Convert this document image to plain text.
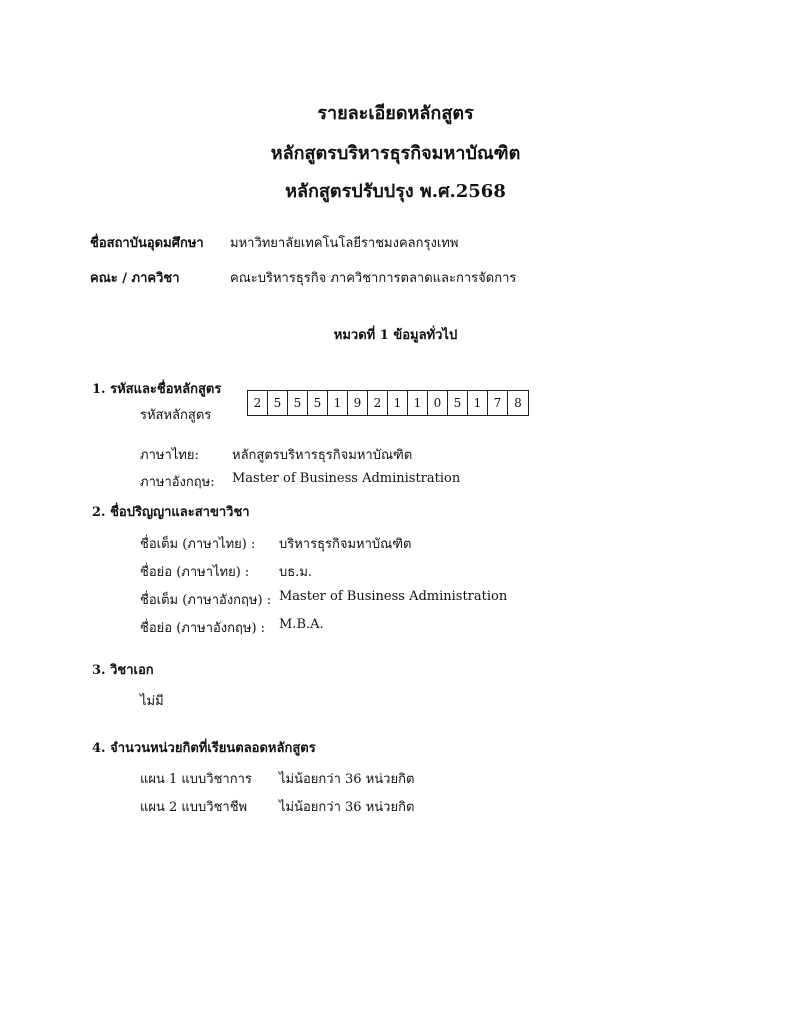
รายละเอียดหลักสูตร
หลักสูตรบริหารธุรกิจมหาบัณฑิต
หลักสูตรปรับปรุง พ.ศ.2568
ชื่อสถาบันอุดมศึกษา มหาวิทยาลัยเทคโนโลยีราชมงคลกรุงเทพ
คณะ / ภาควิชา	คณะบริหารธุรกิจ ภาควิชาการตลาดและการจัดการ
หมวดที่ 1 ข้อมูลทั่วไป
1. รหัสและชื่อหลักสูตร
รหัสหลักสูตร
2	5	5	5	1	9	2	1	1	0	5	1	7	8
ภาษาไทย:	หลักสูตรบริหารธุรกิจมหาบัณฑิต
ภาษาอังกฤษ: Master of Business Administration
2. ชื่อปริญญาและสาขาวิชา
ชื่อเต็ม (ภาษาไทย) : บริหารธุรกิจมหาบัณฑิต
ชื่อย่อ (ภาษาไทย) : บธ.ม.
ชื่อเต็ม (ภาษาอังกฤษ) : Master of Business Administration
ชื่อย่อ (ภาษาอังกฤษ) : M.B.A.
3. วิชาเอก
ไม่มี
4. จำนวนหน่วยกิตที่เรียนตลอดหลักสูตร
แผน 1 แบบวิชาการ ไม่น้อยกว่า 36 หน่วยกิต
แผน 2 แบบวิชาชีพ ไม่น้อยกว่า 36 หน่วยกิต
